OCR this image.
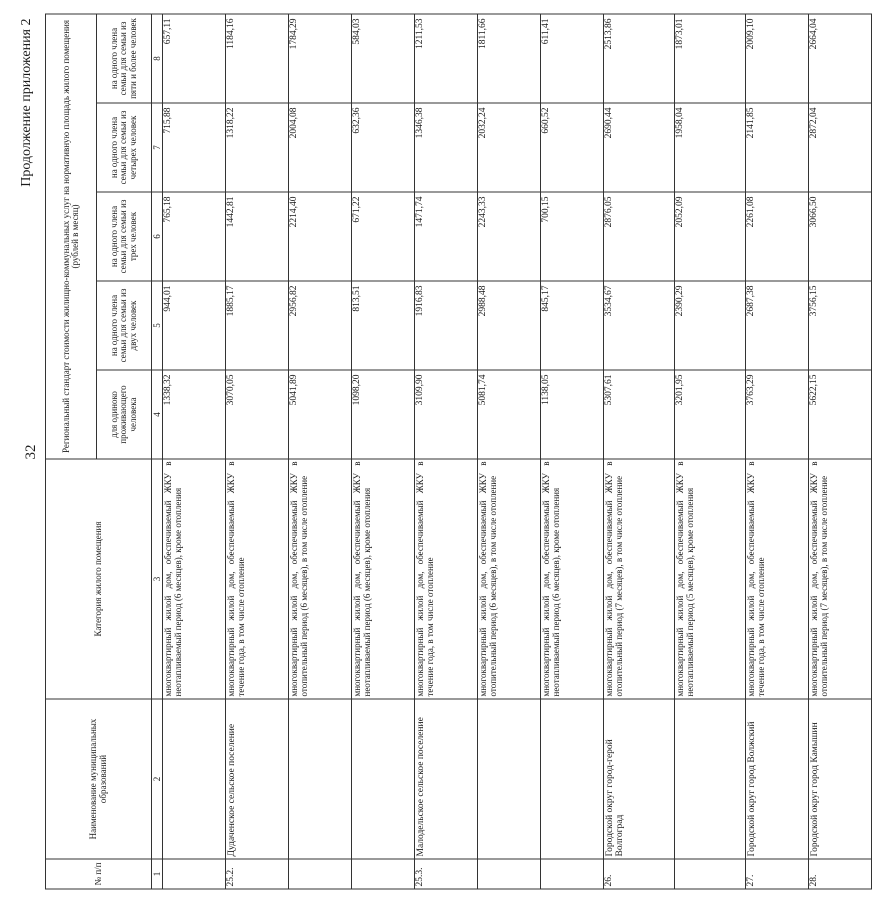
32
Продолжение приложения 2
№ п/п	Наименование муниципальных образований	Категория жилого помещения	Региональный стандарт стоимости жилищно-коммунальных услуг на нормативную площадь жилого помещения (рублей в месяц)				
			для одиноко проживающего человека	на одного члена семьи для семьи из двух человек	на одного члена семьи для семьи из трех человек	на одного члена семьи для семьи из четырех человек	на одного члена семьи для семьи из пяти и более человек
1	2	3	4	5	6	7	8
		многоквартирный жилой дом, обеспечиваемый ЖКУ в неотапливаемый период (6 месяцев), кроме отопления	1338,32	944,01	765,18	715,88	657,11
25.2.	Дудаченское сельское поселение	многоквартирный жилой дом, обеспечиваемый ЖКУ в течение года, в том числе отопление	3070,05	1885,17	1442,81	1318,22	1184,16
		многоквартирный жилой дом, обеспечиваемый ЖКУ в отопительный период (6 месяцев), в том числе отопление	5041,89	2956,82	2214,40	2004,08	1784,29
		многоквартирный жилой дом, обеспечиваемый ЖКУ в неотапливаемый период (6 месяцев), кроме отопления	1098,20	813,51	671,22	632,36	584,03
25.3.	Малодельское сельское поселение	многоквартирный жилой дом, обеспечиваемый ЖКУ в течение года, в том числе отопление	3109,90	1916,83	1471,74	1346,38	1211,53
		многоквартирный жилой дом, обеспечиваемый ЖКУ в отопительный период (6 месяцев), в том числе отопление	5081,74	2988,48	2243,33	2032,24	1811,66
		многоквартирный жилой дом, обеспечиваемый ЖКУ в неотапливаемый период (6 месяцев), кроме отопления	1138,05	845,17	700,15	660,52	611,41
26.	Городской округ город-герой Волгоград	многоквартирный жилой дом, обеспечиваемый ЖКУ в отопительный период (7 месяцев), в том числе отопление	5307,61	3534,67	2876,05	2690,44	2513,86
		многоквартирный жилой дом, обеспечиваемый ЖКУ в неотапливаемый период (5 месяцев), кроме отопления	3201,95	2390,29	2052,09	1958,04	1873,01
27.	Городской округ город Волжский	многоквартирный жилой дом, обеспечиваемый ЖКУ в течение года, в том числе отопление	3763,29	2687,38	2261,08	2141,85	2009,10
28.	Городской округ город Камышин	многоквартирный жилой дом, обеспечиваемый ЖКУ в отопительный период (7 месяцев), в том числе отопление	5622,15	3756,15	3066,50	2872,04	2664,04
